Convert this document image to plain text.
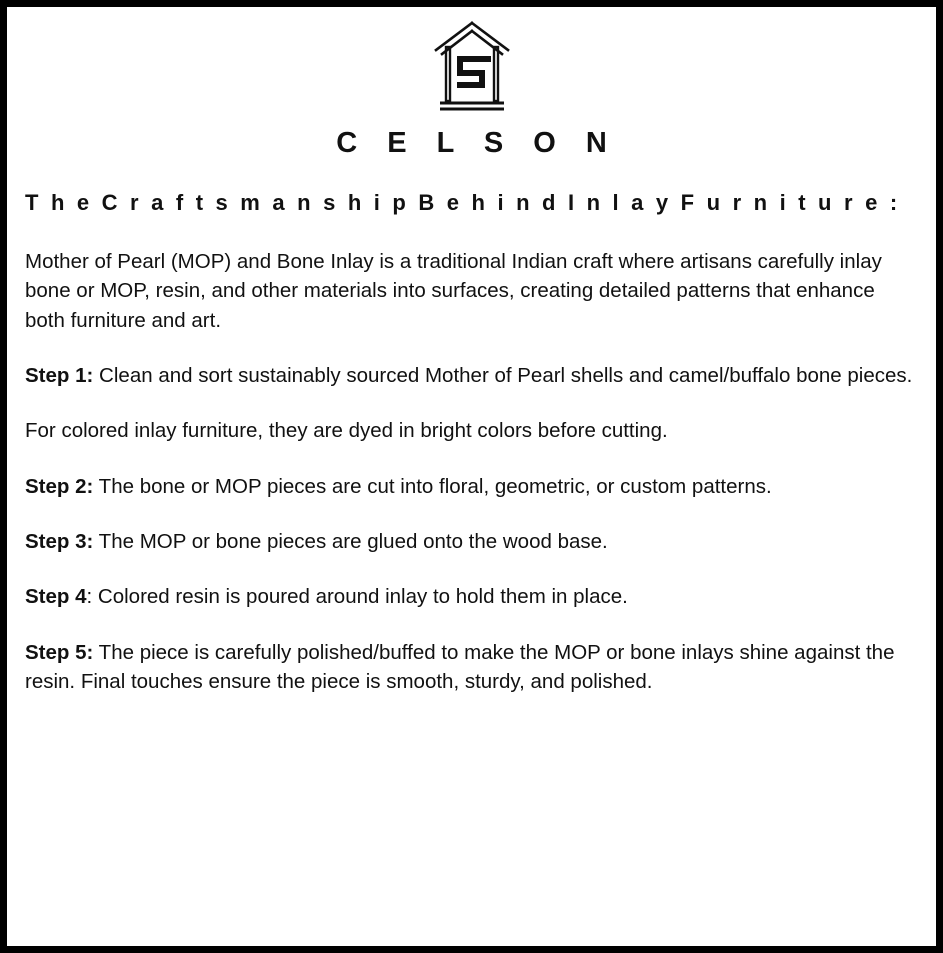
C E L S O N
T h e C r a f t s m a n s h i p B e h i n d I n l a y F u r n i t u r e :

Mother of Pearl (MOP) and Bone Inlay is a traditional Indian craft where artisans carefully inlay bone or MOP, resin, and other materials into surfaces, creating detailed patterns that enhance both furniture and art.

Step 1: Clean and sort sustainably sourced Mother of Pearl shells and camel/buffalo bone pieces.

For colored inlay furniture, they are dyed in bright colors before cutting.

Step 2: The bone or MOP pieces are cut into floral, geometric, or custom patterns.

Step 3: The MOP or bone pieces are glued onto the wood base.

Step 4: Colored resin is poured around inlay to hold them in place.

Step 5: The piece is carefully polished/buffed to make the MOP or bone inlays shine against the resin. Final touches ensure the piece is smooth, sturdy, and polished.
